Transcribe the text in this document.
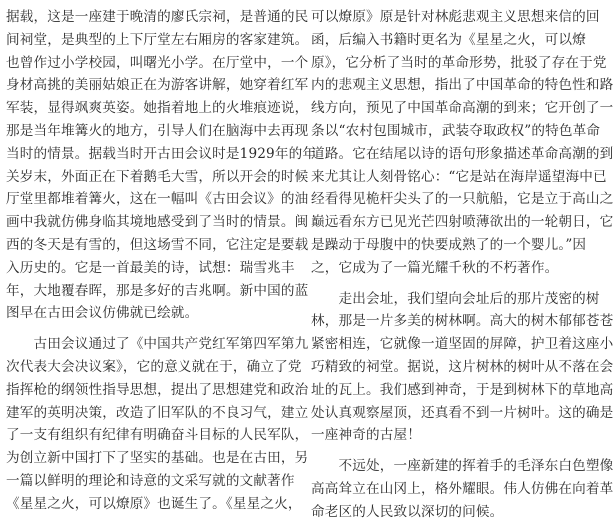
据载，这是一座建于晚清的廖氏宗祠，是普通的民
间祠堂，是典型的上下厅堂左右厢房的客家建筑。
也曾作过小学校园，叫曙光小学。在厅堂中，一个
身材高挑的美丽姑娘正在为游客讲解，她穿着红军
军装，显得飒爽英姿。她指着地上的火堆痕迹说，
那是当年堆篝火的地方，引导人们在脑海中去再现
当时的情景。据载当时开古田会议时是1929年的年
关岁末，外面正在下着鹅毛大雪，所以开会的时候
厅堂里都堆着篝火，这在一幅叫《古田会议》的油
画中我就仿佛身临其境地感受到了当时的情景。闽
西的冬天是有雪的，但这场雪不同，它注定是要载
入历史的。它是一首最美的诗，试想：瑞雪兆丰
年，大地覆春晖，那是多好的吉兆啊。新中国的蓝
图早在古田会议仿佛就已绘就。
　　古田会议通过了《中国共产党红军第四军第九
次代表大会决议案》，它的意义就在于，确立了党
指挥枪的纲领性指导思想，提出了思想建党和政治
建军的英明决策，改造了旧军队的不良习气，建立
了一支有组织有纪律有明确奋斗目标的人民军队，
为创立新中国打下了坚实的基础。也是在古田，另
一篇以鲜明的理论和诗意的文采写就的文献著作
《星星之火，可以燎原》也诞生了。《星星之火，
可以燎原》原是针对林彪悲观主义思想来信的回
函，后编入书籍时更名为《星星之火，可以燎
原》，它分析了当时的革命形势，批驳了存在于党
内的悲观主义思想，指出了中国革命的特色性和路
线方向，预见了中国革命高潮的到来；它开创了一
条以“农村包围城市，武装夺取政权”的特色革命
道路。它在结尾以诗的语句形象描述革命高潮的到
来尤其让人刻骨铭心：“它是站在海岸遥望海中已
经看得见桅杆尖头了的一只航船，它是立于高山之
巅远看东方已见光芒四射喷薄欲出的一轮朝日，它
是躁动于母腹中的快要成熟了的一个婴儿。”因
之，它成为了一篇光耀千秋的不朽著作。
　　走出会址，我们望向会址后的那片茂密的树
林，那是一片多美的树林啊。高大的树木郁郁苍苍
紧密相连，它就像一道坚固的屏障，护卫着这座小
巧精致的祠堂。据说，这片树林的树叶从不落在会
址的瓦上。我们感到神奇，于是到树林下的草地高
处认真观察屋顶，还真看不到一片树叶。这的确是
一座神奇的古屋！
　　不远处，一座新建的挥着手的毛泽东白色塑像
高高耸立在山冈上，格外耀眼。伟人仿佛在向着革
命老区的人民致以深切的问候。
